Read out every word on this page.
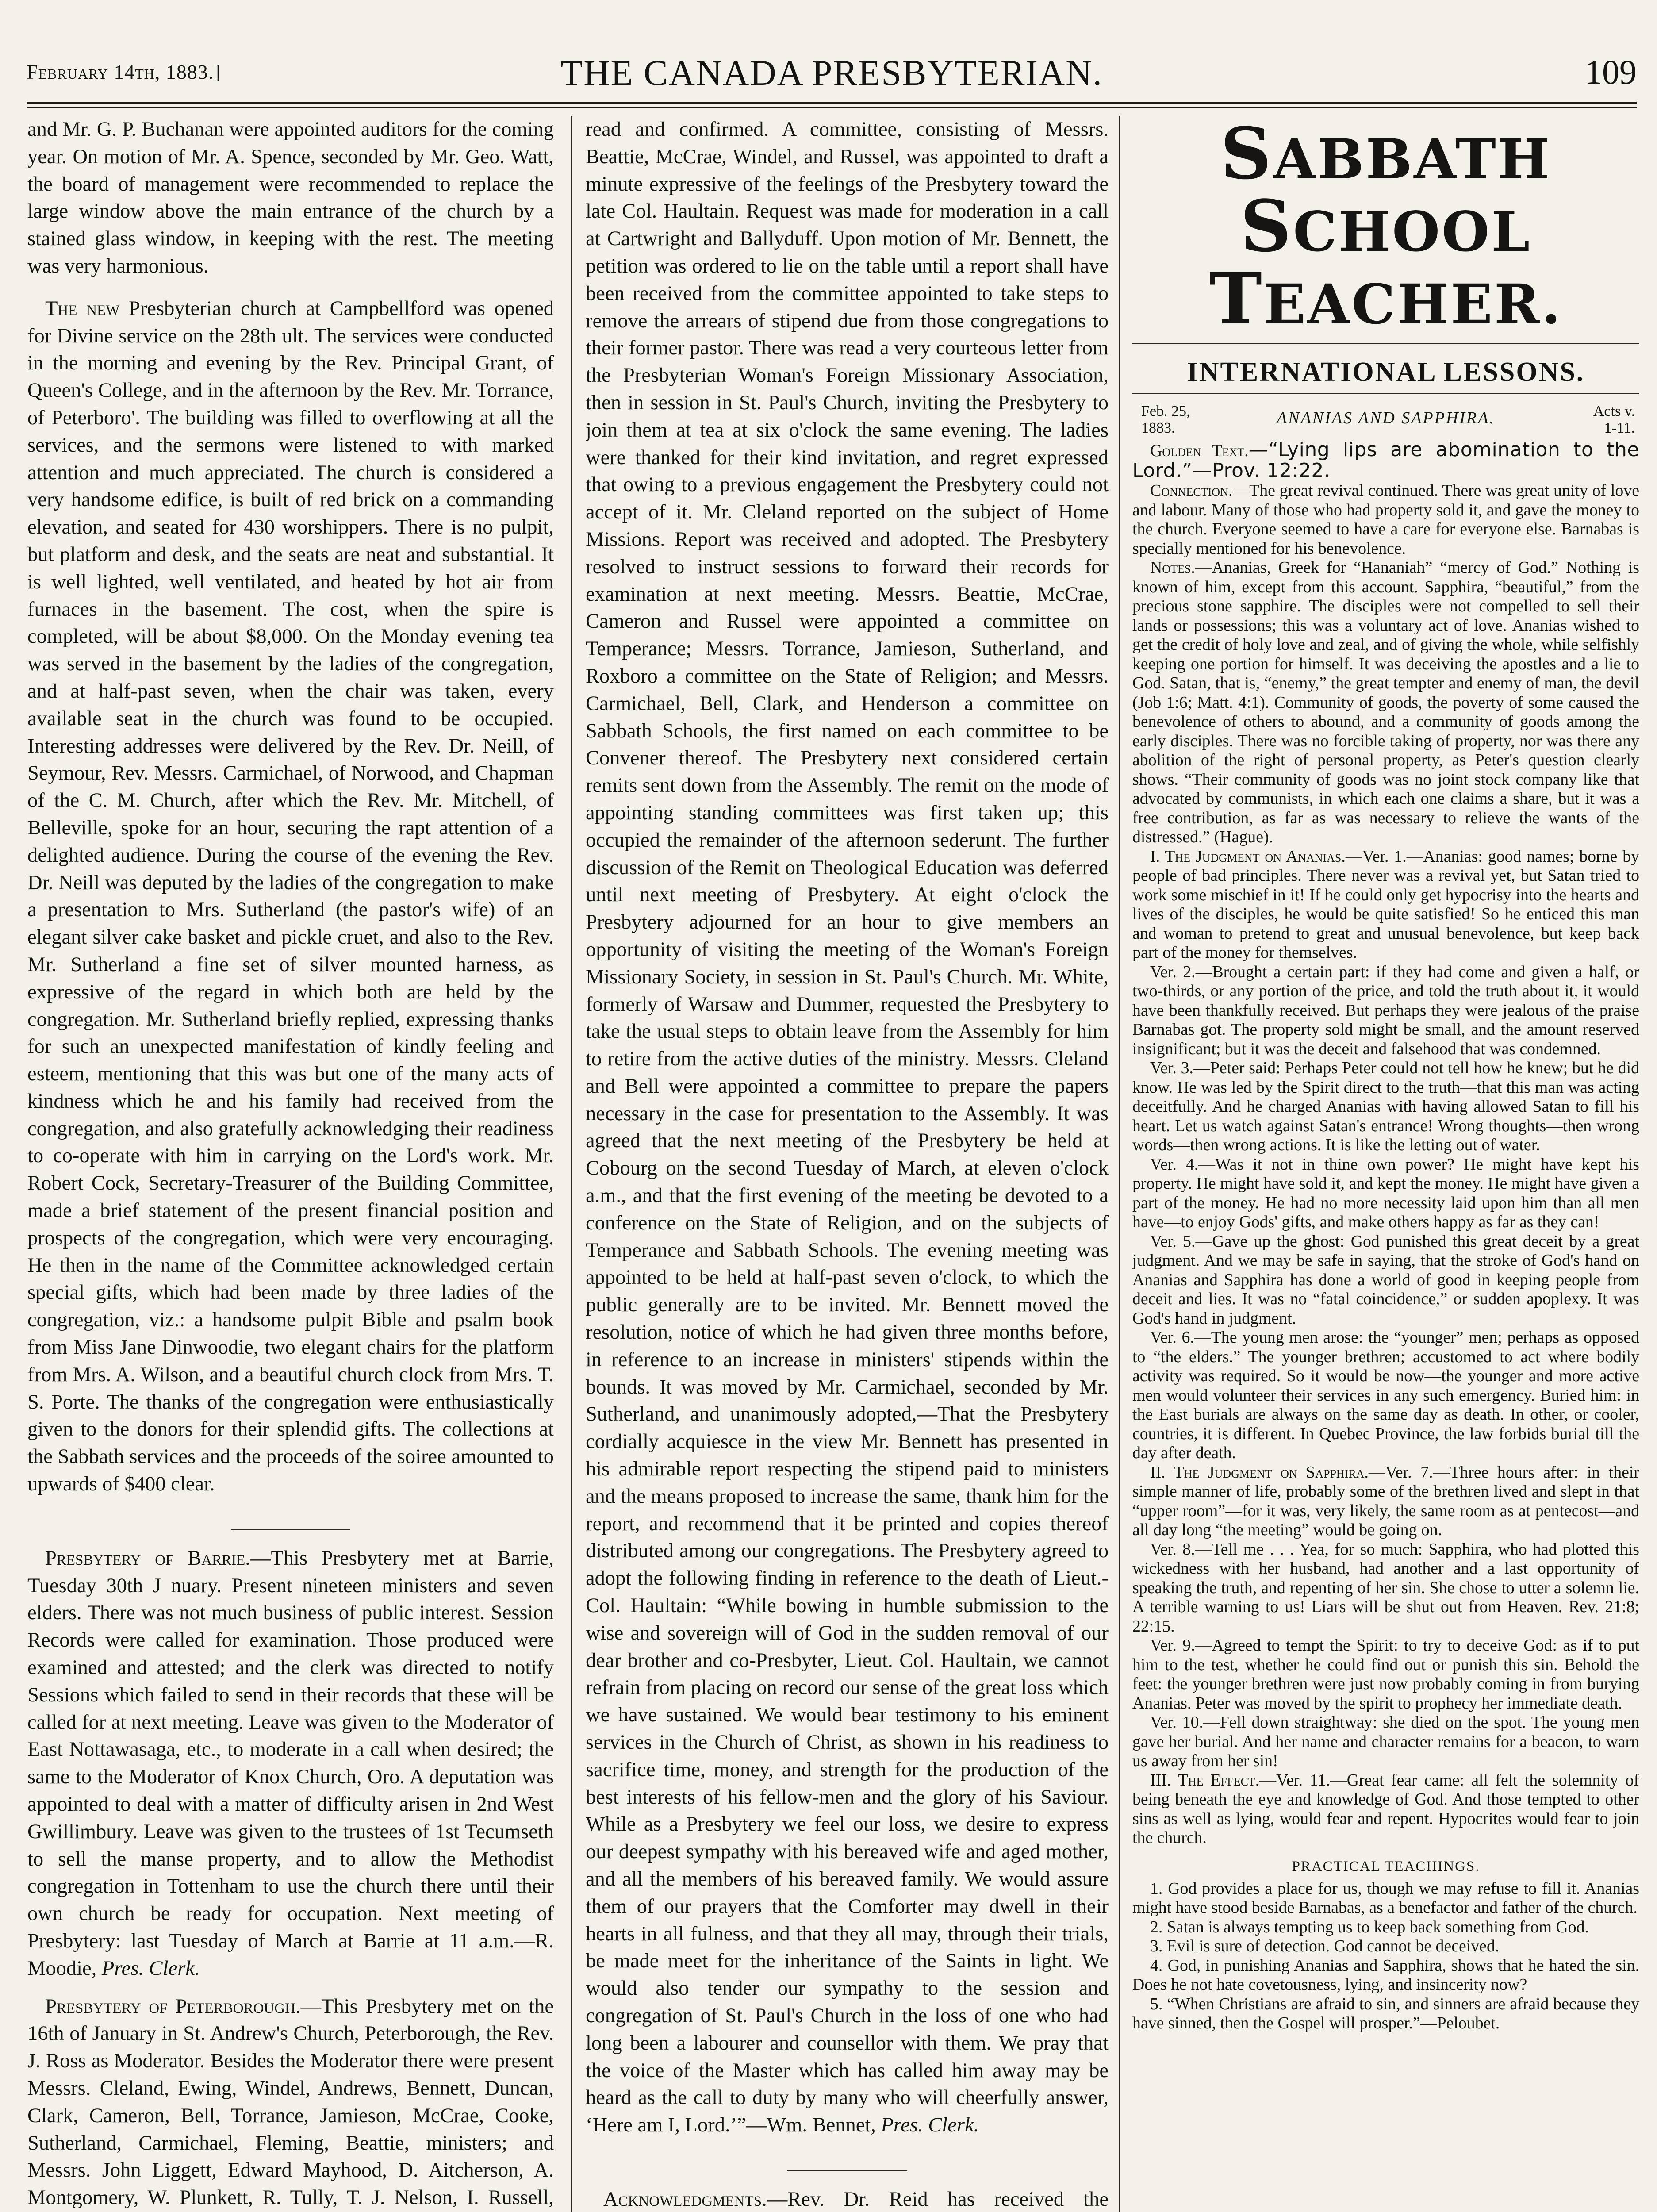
February 14th, 1883.]	THE CANADA PRESBYTERIAN.	109

and Mr. G. P. Buchanan were appointed auditors for the coming year. On motion of Mr. A. Spence, seconded by Mr. Geo. Watt, the board of management were recommended to replace the large window above the main entrance of the church by a stained glass window, in keeping with the rest. The meeting was very harmonious.

The new Presbyterian church at Campbellford was opened for Divine service on the 28th ult. The services were conducted in the morning and evening by the Rev. Principal Grant, of Queen's College, and in the afternoon by the Rev. Mr. Torrance, of Peterboro'. The building was filled to overflowing at all the services, and the sermons were listened to with marked attention and much appreciated. The church is considered a very handsome edifice, is built of red brick on a commanding elevation, and seated for 430 worshippers. There is no pulpit, but platform and desk, and the seats are neat and substantial. It is well lighted, well ventilated, and heated by hot air from furnaces in the basement. The cost, when the spire is completed, will be about $8,000. On the Monday evening tea was served in the basement by the ladies of the congregation, and at half-past seven, when the chair was taken, every available seat in the church was found to be occupied. Interesting addresses were delivered by the Rev. Dr. Neill, of Seymour, Rev. Messrs. Carmichael, of Norwood, and Chapman of the C. M. Church, after which the Rev. Mr. Mitchell, of Belleville, spoke for an hour, securing the rapt attention of a delighted audience. During the course of the evening the Rev. Dr. Neill was deputed by the ladies of the congregation to make a presentation to Mrs. Sutherland (the pastor's wife) of an elegant silver cake basket and pickle cruet, and also to the Rev. Mr. Sutherland a fine set of silver mounted harness, as expressive of the regard in which both are held by the congregation. Mr. Sutherland briefly replied, expressing thanks for such an unexpected manifestation of kindly feeling and esteem, mentioning that this was but one of the many acts of kindness which he and his family had received from the congregation, and also gratefully acknowledging their readiness to co-operate with him in carrying on the Lord's work. Mr. Robert Cock, Secretary-Treasurer of the Building Committee, made a brief statement of the present financial position and prospects of the congregation, which were very encouraging. He then in the name of the Committee acknowledged certain special gifts, which had been made by three ladies of the congregation, viz.: a handsome pulpit Bible and psalm book from Miss Jane Dinwoodie, two elegant chairs for the platform from Mrs. A. Wilson, and a beautiful church clock from Mrs. T. S. Porte. The thanks of the congregation were enthusiastically given to the donors for their splendid gifts. The collections at the Sabbath services and the proceeds of the soiree amounted to upwards of $400 clear.

Presbytery of Barrie.—This Presbytery met at Barrie, Tuesday 30th J nuary. Present nineteen ministers and seven elders. There was not much business of public interest. Session Records were called for examination. Those produced were examined and attested; and the clerk was directed to notify Sessions which failed to send in their records that these will be called for at next meeting. Leave was given to the Moderator of East Nottawasaga, etc., to moderate in a call when desired; the same to the Moderator of Knox Church, Oro. A deputation was appointed to deal with a matter of difficulty arisen in 2nd West Gwillimbury. Leave was given to the trustees of 1st Tecumseth to sell the manse property, and to allow the Methodist congregation in Tottenham to use the church there until their own church be ready for occupation. Next meeting of Presbytery: last Tuesday of March at Barrie at 11 a.m.—R. Moodie, Pres. Clerk.

Presbytery of Peterborough.—This Presbytery met on the 16th of January in St. Andrew's Church, Peterborough, the Rev. J. Ross as Moderator. Besides the Moderator there were present Messrs. Cleland, Ewing, Windel, Andrews, Bennett, Duncan, Clark, Cameron, Bell, Torrance, Jamieson, McCrae, Cooke, Sutherland, Carmichael, Fleming, Beattie, ministers; and Messrs. John Liggett, Edward Mayhood, D. Aitcherson, A. Montgomery, W. Plunkett, R. Tully, T. J. Nelson, I. Russell,

read and confirmed. A committee, consisting of Messrs. Beattie, McCrae, Windel, and Russel, was appointed to draft a minute expressive of the feelings of the Presbytery toward the late Col. Haultain. Request was made for moderation in a call at Cartwright and Ballyduff. Upon motion of Mr. Bennett, the petition was ordered to lie on the table until a report shall have been received from the committee appointed to take steps to remove the arrears of stipend due from those congregations to their former pastor. There was read a very courteous letter from the Presbyterian Woman's Foreign Missionary Association, then in session in St. Paul's Church, inviting the Presbytery to join them at tea at six o'clock the same evening. The ladies were thanked for their kind invitation, and regret expressed that owing to a previous engagement the Presbytery could not accept of it. Mr. Cleland reported on the subject of Home Missions. Report was received and adopted. The Presbytery resolved to instruct sessions to forward their records for examination at next meeting. Messrs. Beattie, McCrae, Cameron and Russel were appointed a committee on Temperance; Messrs. Torrance, Jamieson, Sutherland, and Roxboro a committee on the State of Religion; and Messrs. Carmichael, Bell, Clark, and Henderson a committee on Sabbath Schools, the first named on each committee to be Convener thereof. The Presbytery next considered certain remits sent down from the Assembly. The remit on the mode of appointing standing committees was first taken up; this occupied the remainder of the afternoon sederunt. The further discussion of the Remit on Theological Education was deferred until next meeting of Presbytery. At eight o'clock the Presbytery adjourned for an hour to give members an opportunity of visiting the meeting of the Woman's Foreign Missionary Society, in session in St. Paul's Church. Mr. White, formerly of Warsaw and Dummer, requested the Presbytery to take the usual steps to obtain leave from the Assembly for him to retire from the active duties of the ministry. Messrs. Cleland and Bell were appointed a committee to prepare the papers necessary in the case for presentation to the Assembly. It was agreed that the next meeting of the Presbytery be held at Cobourg on the second Tuesday of March, at eleven o'clock a.m., and that the first evening of the meeting be devoted to a conference on the State of Religion, and on the subjects of Temperance and Sabbath Schools. The evening meeting was appointed to be held at half-past seven o'clock, to which the public generally are to be invited. Mr. Bennett moved the resolution, notice of which he had given three months before, in reference to an increase in ministers' stipends within the bounds. It was moved by Mr. Carmichael, seconded by Mr. Sutherland, and unanimously adopted,—That the Presbytery cordially acquiesce in the view Mr. Bennett has presented in his admirable report respecting the stipend paid to ministers and the means proposed to increase the same, thank him for the report, and recommend that it be printed and copies thereof distributed among our congregations. The Presbytery agreed to adopt the following finding in reference to the death of Lieut.-Col. Haultain: “While bowing in humble submission to the wise and sovereign will of God in the sudden removal of our dear brother and co-Presbyter, Lieut. Col. Haultain, we cannot refrain from placing on record our sense of the great loss which we have sustained. We would bear testimony to his eminent services in the Church of Christ, as shown in his readiness to sacrifice time, money, and strength for the production of the best interests of his fellow-men and the glory of his Saviour. While as a Presbytery we feel our loss, we desire to express our deepest sympathy with his bereaved wife and aged mother, and all the members of his bereaved family. We would assure them of our prayers that the Comforter may dwell in their hearts in all fulness, and that they all may, through their trials, be made meet for the inheritance of the Saints in light. We would also tender our sympathy to the session and congregation of St. Paul's Church in the loss of one who had long been a labourer and counsellor with them. We pray that the voice of the Master which has called him away may be heard as the call to duty by many who will cheerfully answer, ‘Here am I, Lord.’”—Wm. Bennet, Pres. Clerk.

Acknowledgments.—Rev. Dr. Reid has received the

SABBATH SCHOOL TEACHER.
INTERNATIONAL LESSONS.
Feb. 25,
1883.
ANANIAS AND SAPPHIRA.	Acts v.
1-11.

Golden Text.—“Lying lips are abomination to the Lord.”—Prov. 12:22.

Connection.—The great revival continued. There was great unity of love and labour. Many of those who had property sold it, and gave the money to the church. Everyone seemed to have a care for everyone else. Barnabas is specially mentioned for his benevolence.

Notes.—Ananias, Greek for “Hananiah” “mercy of God.” Nothing is known of him, except from this account. Sapphira, “beautiful,” from the precious stone sapphire. The disciples were not compelled to sell their lands or possessions; this was a voluntary act of love. Ananias wished to get the credit of holy love and zeal, and of giving the whole, while selfishly keeping one portion for himself. It was deceiving the apostles and a lie to God. Satan, that is, “enemy,” the great tempter and enemy of man, the devil (Job 1:6; Matt. 4:1). Community of goods, the poverty of some caused the benevolence of others to abound, and a community of goods among the early disciples. There was no forcible taking of property, nor was there any abolition of the right of personal property, as Peter's question clearly shows. “Their community of goods was no joint stock company like that advocated by communists, in which each one claims a share, but it was a free contribution, as far as was necessary to relieve the wants of the distressed.” (Hague).

I. The Judgment on Ananias.—Ver. 1.—Ananias: good names; borne by people of bad principles. There never was a revival yet, but Satan tried to work some mischief in it! If he could only get hypocrisy into the hearts and lives of the disciples, he would be quite satisfied! So he enticed this man and woman to pretend to great and unusual benevolence, but keep back part of the money for themselves.

Ver. 2.—Brought a certain part: if they had come and given a half, or two-thirds, or any portion of the price, and told the truth about it, it would have been thankfully received. But perhaps they were jealous of the praise Barnabas got. The property sold might be small, and the amount reserved insignificant; but it was the deceit and falsehood that was condemned.

Ver. 3.—Peter said: Perhaps Peter could not tell how he knew; but he did know. He was led by the Spirit direct to the truth—that this man was acting deceitfully. And he charged Ananias with having allowed Satan to fill his heart. Let us watch against Satan's entrance! Wrong thoughts—then wrong words—then wrong actions. It is like the letting out of water.

Ver. 4.—Was it not in thine own power? He might have kept his property. He might have sold it, and kept the money. He might have given a part of the money. He had no more necessity laid upon him than all men have—to enjoy Gods' gifts, and make others happy as far as they can!

Ver. 5.—Gave up the ghost: God punished this great deceit by a great judgment. And we may be safe in saying, that the stroke of God's hand on Ananias and Sapphira has done a world of good in keeping people from deceit and lies. It was no “fatal coincidence,” or sudden apoplexy. It was God's hand in judgment.

Ver. 6.—The young men arose: the “younger” men; perhaps as opposed to “the elders.” The younger brethren; accustomed to act where bodily activity was required. So it would be now—the younger and more active men would volunteer their services in any such emergency. Buried him: in the East burials are always on the same day as death. In other, or cooler, countries, it is different. In Quebec Province, the law forbids burial till the day after death.

II. The Judgment on Sapphira.—Ver. 7.—Three hours after: in their simple manner of life, probably some of the brethren lived and slept in that “upper room”—for it was, very likely, the same room as at pentecost—and all day long “the meeting” would be going on.

Ver. 8.—Tell me . . . Yea, for so much: Sapphira, who had plotted this wickedness with her husband, had another and a last opportunity of speaking the truth, and repenting of her sin. She chose to utter a solemn lie. A terrible warning to us! Liars will be shut out from Heaven. Rev. 21:8; 22:15.

Ver. 9.—Agreed to tempt the Spirit: to try to deceive God: as if to put him to the test, whether he could find out or punish this sin. Behold the feet: the younger brethren were just now probably coming in from burying Ananias. Peter was moved by the spirit to prophecy her immediate death.

Ver. 10.—Fell down straightway: she died on the spot. The young men gave her burial. And her name and character remains for a beacon, to warn us away from her sin!

III. The Effect.—Ver. 11.—Great fear came: all felt the solemnity of being beneath the eye and knowledge of God. And those tempted to other sins as well as lying, would fear and repent. Hypocrites would fear to join the church.

PRACTICAL TEACHINGS.

1. God provides a place for us, though we may refuse to fill it. Ananias might have stood beside Barnabas, as a benefactor and father of the church.

2. Satan is always tempting us to keep back something from God.

3. Evil is sure of detection. God cannot be deceived.

4. God, in punishing Ananias and Sapphira, shows that he hated the sin. Does he not hate covetousness, lying, and insincerity now?

5. “When Christians are afraid to sin, and sinners are afraid because they have sinned, then the Gospel will prosper.”—Peloubet.
